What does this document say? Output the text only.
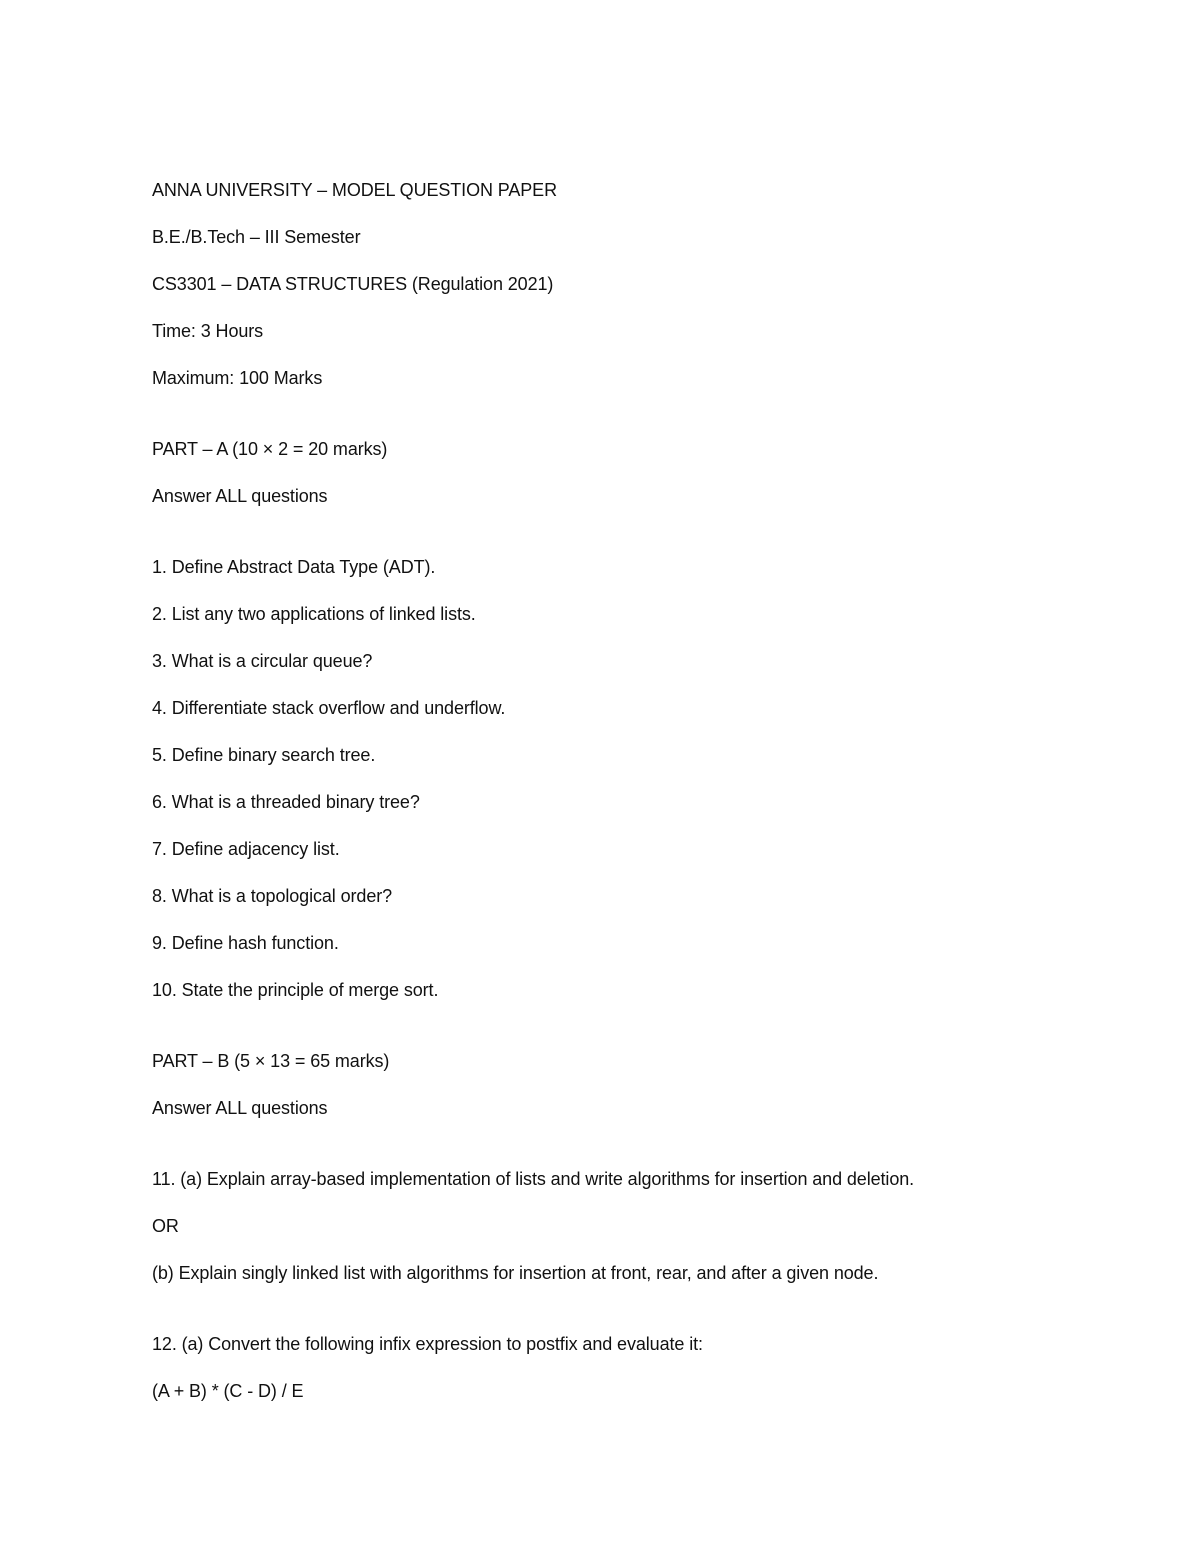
ANNA UNIVERSITY – MODEL QUESTION PAPER
B.E./B.Tech – III Semester
CS3301 – DATA STRUCTURES (Regulation 2021)
Time: 3 Hours
Maximum: 100 Marks
PART – A (10 × 2 = 20 marks)
Answer ALL questions
1. Define Abstract Data Type (ADT).
2. List any two applications of linked lists.
3. What is a circular queue?
4. Differentiate stack overflow and underflow.
5. Define binary search tree.
6. What is a threaded binary tree?
7. Define adjacency list.
8. What is a topological order?
9. Define hash function.
10. State the principle of merge sort.
PART – B (5 × 13 = 65 marks)
Answer ALL questions
11. (a) Explain array-based implementation of lists and write algorithms for insertion and deletion.
OR
(b) Explain singly linked list with algorithms for insertion at front, rear, and after a given node.
12. (a) Convert the following infix expression to postfix and evaluate it:
(A + B) * (C - D) / E
